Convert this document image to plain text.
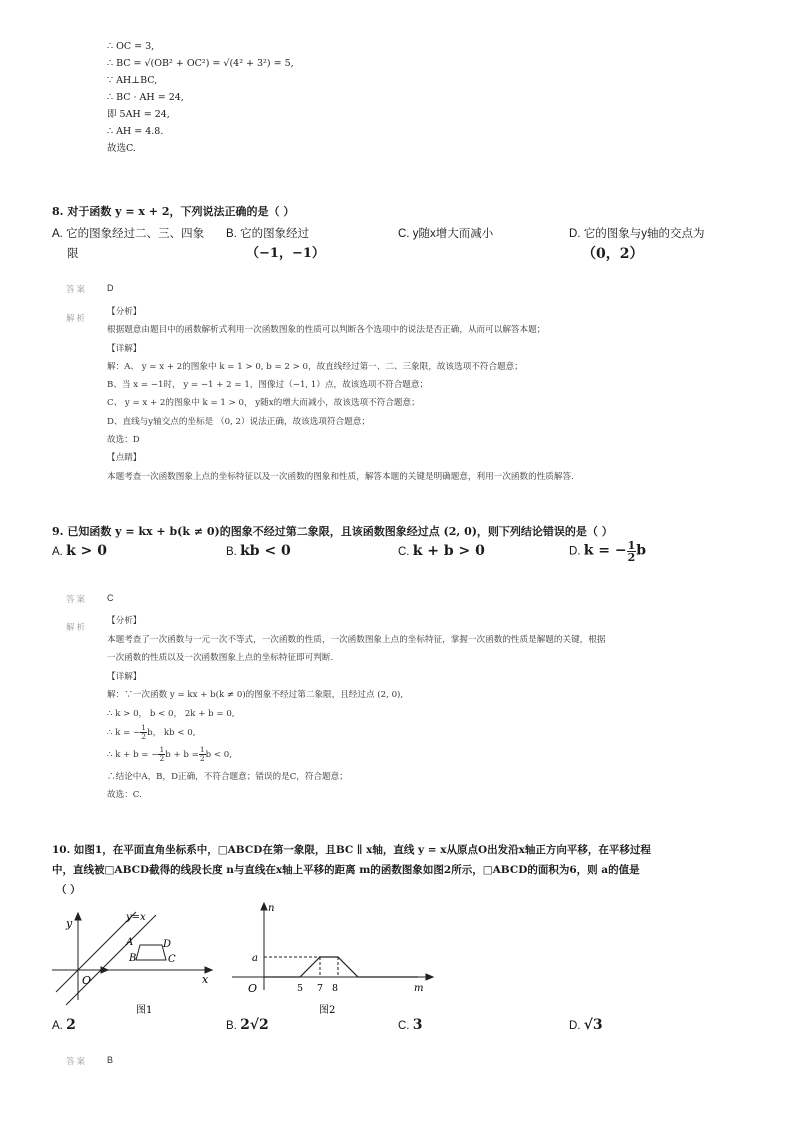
∴ OC = 3,
∴ BC = √(OB² + OC²) = √(4² + 3²) = 5,
∵ AH⊥BC,
∴ BC · AH = 24,
即 5AH = 24,
∴ AH = 4.8.
故选C.
8. 对于函数 y = x + 2，下列说法正确的是（ ）
A. 它的图象经过二、三、四象
限
B. 它的图象经过
（−1，−1）
C. y随x增大而减小	D. 它的图象与y轴的交点为
（0，2）
答案 D
解析
【分析】
根据题意由题目中的函数解析式利用一次函数图象的性质可以判断各个选项中的说法是否正确，从而可以解答本题；
【详解】
解：A、 y = x + 2的图象中 k = 1 > 0, b = 2 > 0，故直线经过第一、二、三象限，故该选项不符合题意；
B、当 x = −1时， y = −1 + 2 = 1，图像过（−1, 1）点，故该选项不符合题意；
C、 y = x + 2的图象中 k = 1 > 0， y随x的增大而减小，故该选项不符合题意；
D、直线与y轴交点的坐标是 （0, 2）说法正确，故该选项符合题意；
故选：D
【点睛】
本题考查一次函数图象上点的坐标特征以及一次函数的图象和性质，解答本题的关键是明确题意，利用一次函数的性质解答.
9. 已知函数 y = kx + b(k ≠ 0)的图象不经过第二象限，且该函数图象经过点 (2, 0)，则下列结论错误的是（ ）
A. k > 0	B. kb < 0	C. k + b > 0	D. k = − $\frac{1}{2}$ b
答案 C
解析
【分析】
本题考查了一次函数与一元一次不等式，一次函数的性质，一次函数图象上点的坐标特征，掌握一次函数的性质是解题的关键，根据
一次函数的性质以及一次函数图象上点的坐标特征即可判断.
【详解】
解：∵一次函数 y = kx + b(k ≠ 0)的图象不经过第二象限，且经过点 (2, 0),
∴ k > 0， b < 0， 2k + b = 0,
∴ k = − $\frac{1}{2}$ b， kb < 0,
∴ k + b = − $\frac{1}{2}$ $b + b = \frac{1}{2}$ b < 0,
∴结论中A，B，D正确，不符合题意；错误的是C，符合题意；
故选：C.
10. 如图1，在平面直角坐标系中，□ABCD在第一象限，且BC ∥ x轴，直线 y = x从原点O出发沿x轴正方向平移，在平移过程
中，直线被□ABCD截得的线段长度 n与直线在x轴上平移的距离 m的函数图象如图2所示，□ABCD的面积为6，则 a的值是
（ ）
y	y=x
A
B	C
D
O	x
图1
n
a
O	5 7 8	m
图2
A. 2	B. 2√2	C. 3	D. √3
答案 B
